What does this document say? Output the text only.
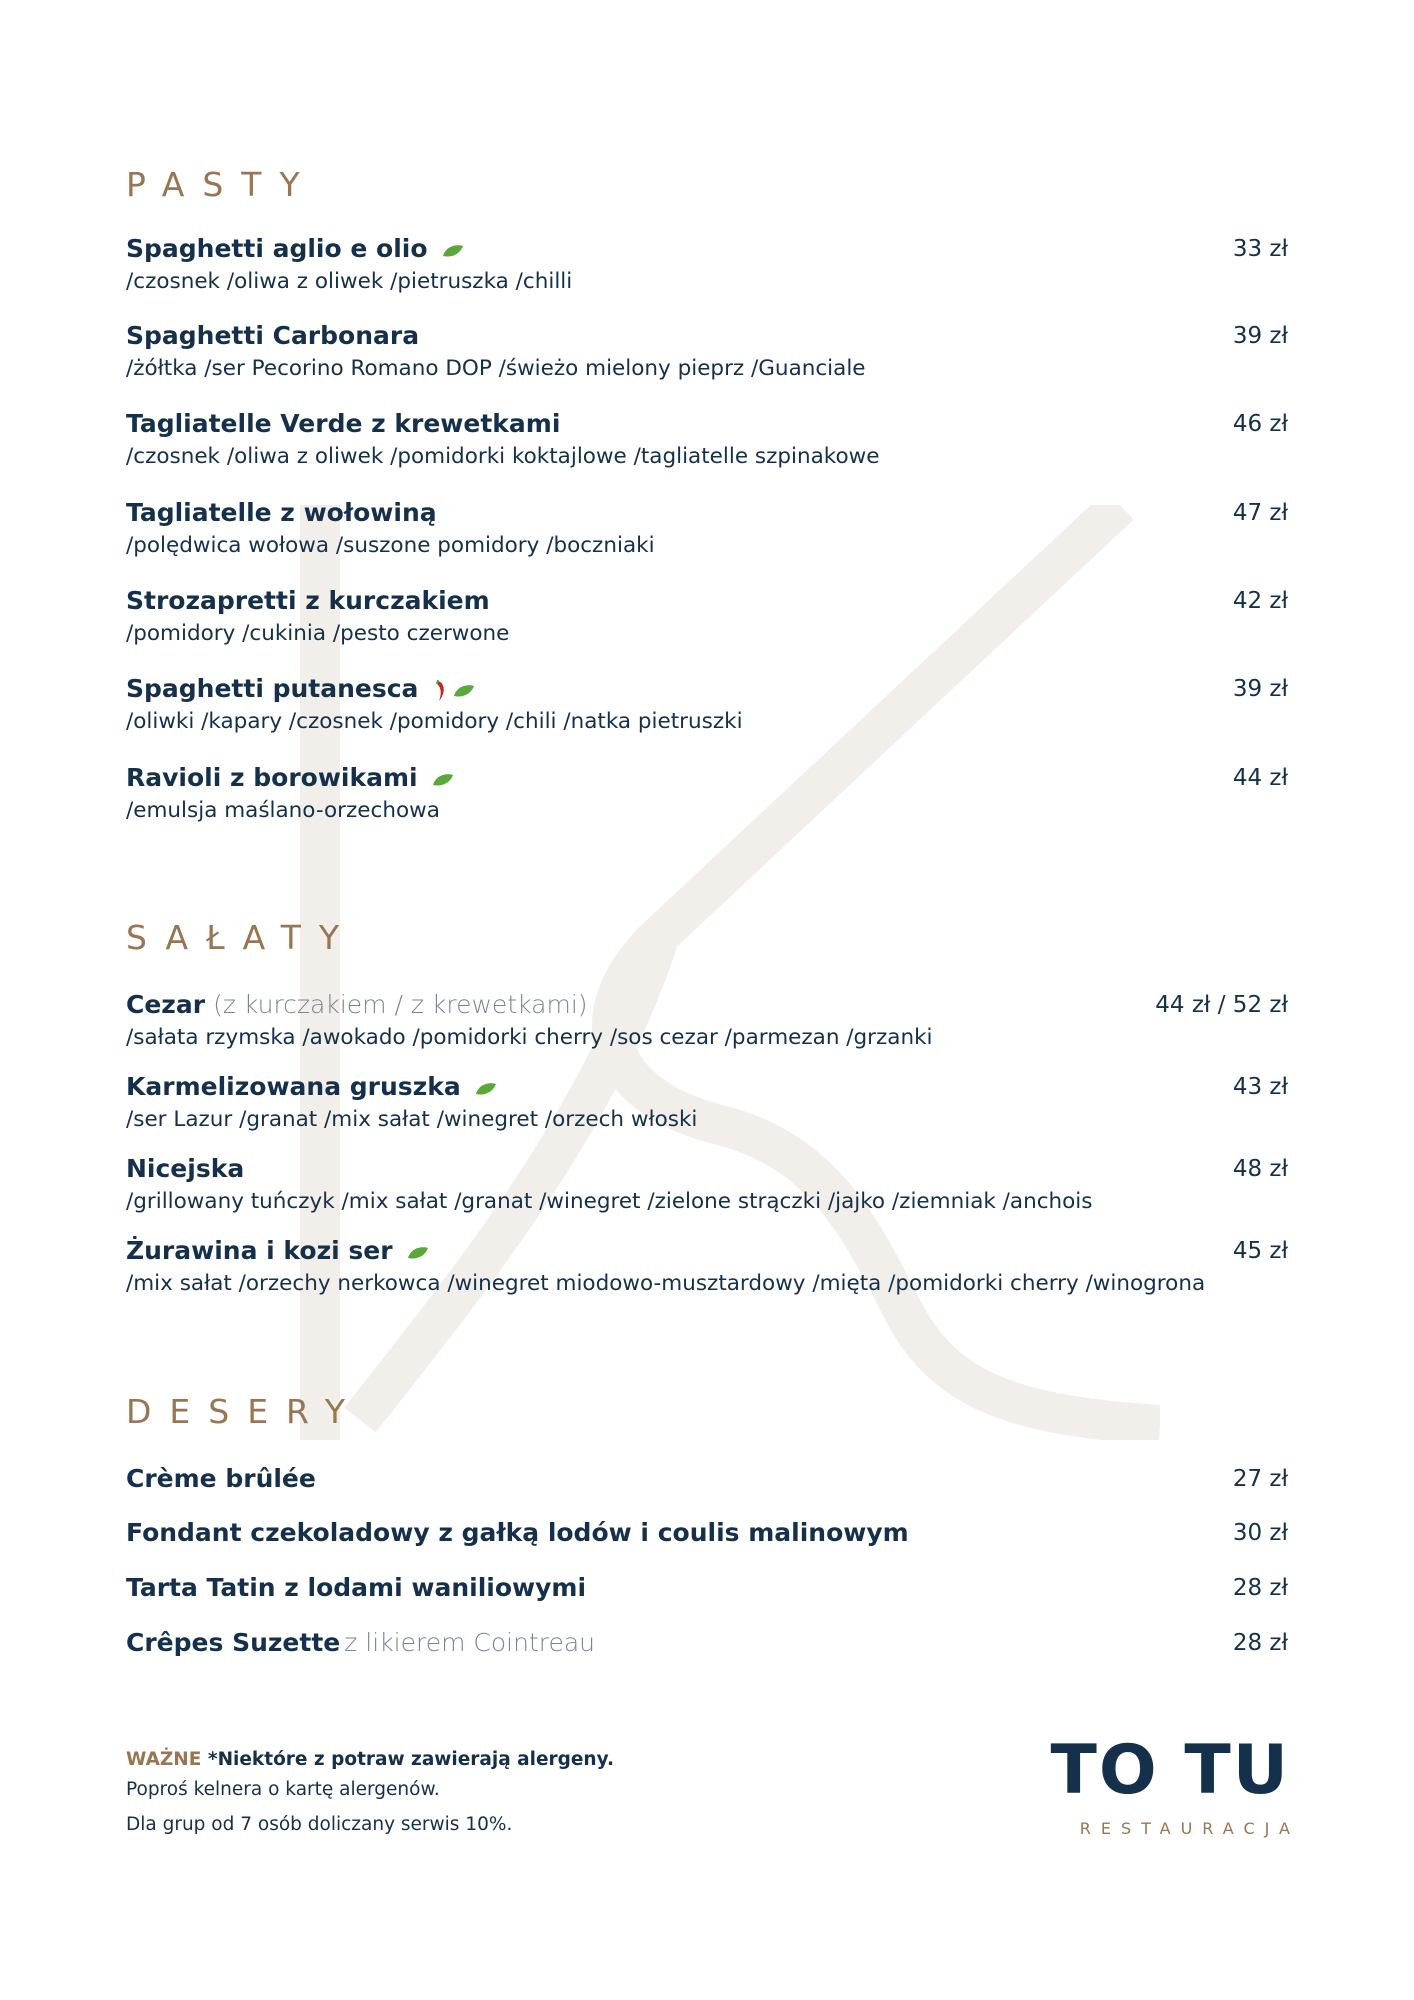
PASTY
Spaghetti aglio e olio
/czosnek /oliwa z oliwek /pietruszka /chilli
33 zł
Spaghetti Carbonara
/żółtka /ser Pecorino Romano DOP /świeżo mielony pieprz /Guanciale
39 zł
Tagliatelle Verde z krewetkami
/czosnek /oliwa z oliwek /pomidorki koktajlowe /tagliatelle szpinakowe
46 zł
Tagliatelle z wołowiną
/polędwica wołowa /suszone pomidory /boczniaki
47 zł
Strozapretti z kurczakiem
/pomidory /cukinia /pesto czerwone
42 zł
Spaghetti putanesca
/oliwki /kapary /czosnek /pomidory /chili /natka pietruszki
39 zł
Ravioli z borowikami
/emulsja maślano-orzechowa
44 zł
SAŁATY
Cezar (z kurczakiem / z krewetkami)
/sałata rzymska /awokado /pomidorki cherry /sos cezar /parmezan /grzanki
44 zł / 52 zł
Karmelizowana gruszka
/ser Lazur /granat /mix sałat /winegret /orzech włoski
43 zł
Nicejska
/grillowany tuńczyk /mix sałat /granat /winegret /zielone strączki /jajko /ziemniak /anchois
48 zł
Żurawina i kozi ser
/mix sałat /orzechy nerkowca /winegret miodowo-musztardowy /mięta /pomidorki cherry /winogrona
45 zł
DESERY
Crème brûlée	27 zł
Fondant czekoladowy z gałką lodów i coulis malinowym	30 zł
Tarta Tatin z lodami waniliowymi	28 zł
Crêpes Suzette z likierem Cointreau	28 zł
WAŻNE *Niektóre z potraw zawierają alergeny.
Poproś kelnera o kartę alergenów.
Dla grup od 7 osób doliczany serwis 10%.
TO TU
RESTAURACJA
